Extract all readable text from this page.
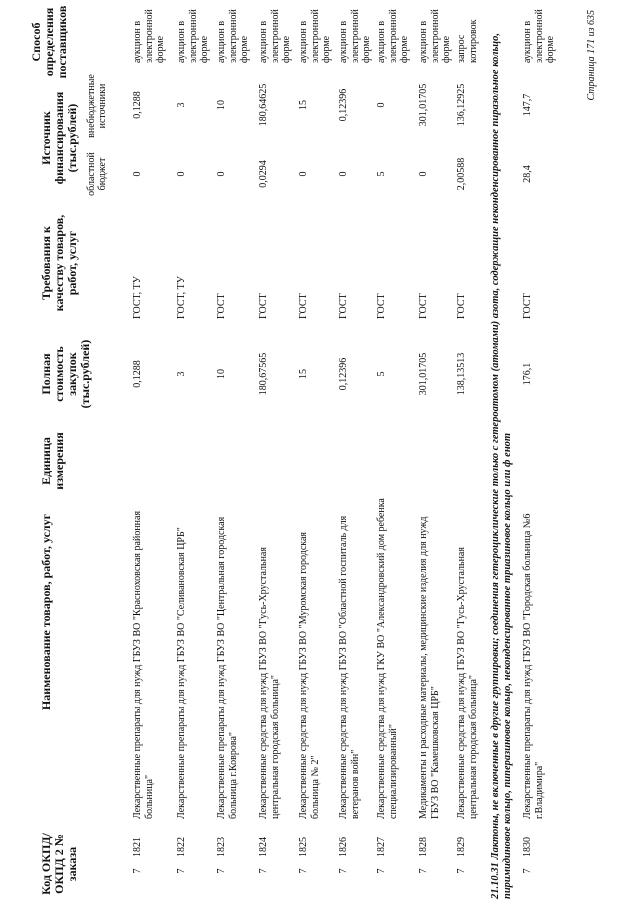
Код ОКПД/ ОКПД 2 № заказа
Наименование товаров, работ, услуг
Единица измерения
Полная стоимость закупок (тыс.рублей)
Требования к качеству товаров, работ, услуг
Источник финансирования (тыс.рублей)
областной бюджет
внебюджетные источники
Способ определения поставщиков
7
1821
Лекарственные препараты для нужд ГБУЗ ВО "Красноховская районная больница"
0,1288
ГОСТ, ТУ
0
0,1288
аукцион в электронной форме
7
1822
Лекарственные препараты для нужд ГБУЗ ВО "Селивановская ЦРБ"
3
ГОСТ, ТУ
0
3
аукцион в электронной форме
7
1823
Лекарственные препараты для нужд ГБУЗ ВО "Центральная городская больница г.Коврова"
10
ГОСТ
0
10
аукцион в электронной форме
7
1824
Лекарственные средства для нужд ГБУЗ ВО "Гусь-Хрустальная центральная городская больница"
180,67565
ГОСТ
0,0294
180,64625
аукцион в электронной форме
7
1825
Лекарственные средства для нужд ГБУЗ ВО "Муромская городская больница № 2"
15
ГОСТ
0
15
аукцион в электронной форме
7
1826
Лекарственные средства для нужд ГБУЗ ВО "Областной госпиталь для ветеранов войн"
0,12396
ГОСТ
0
0,12396
аукцион в электронной форме
7
1827
Лекарственные средства для нужд ГКУ ВО "Александровский дом ребенка специализированный"
5
ГОСТ
5
0
аукцион в электронной форме
7
1828
Медикаменты и расходные материалы, медицинские изделия для нужд ГБУЗ ВО "Камешковская ЦРБ"
301,01705
ГОСТ
0
301,01705
аукцион в электронной форме
7
1829
Лекарственные средства для нужд ГБУЗ ВО "Гусь-Хрустальная центральная городская больница"
138,13513
ГОСТ
2,00588
136,12925
запрос котировок
21.10.31 Лактоны, не включенные в другие группировки; соединения гетероциклические только с гетероатомом (атомами) азота, содержащие неконденсированное пиразольное кольцо, пиримидиновое кольцо, пиперазиновое кольцо, неконденсированное триазиновое кольцо или ф енот 7
1830
Лекарственные препараты для нужд ГБУЗ ВО "Городская больница №6 г.Владимира"
176,1
ГОСТ
28,4
147,7
аукцион в электронной форме	Страница 171 из 635
